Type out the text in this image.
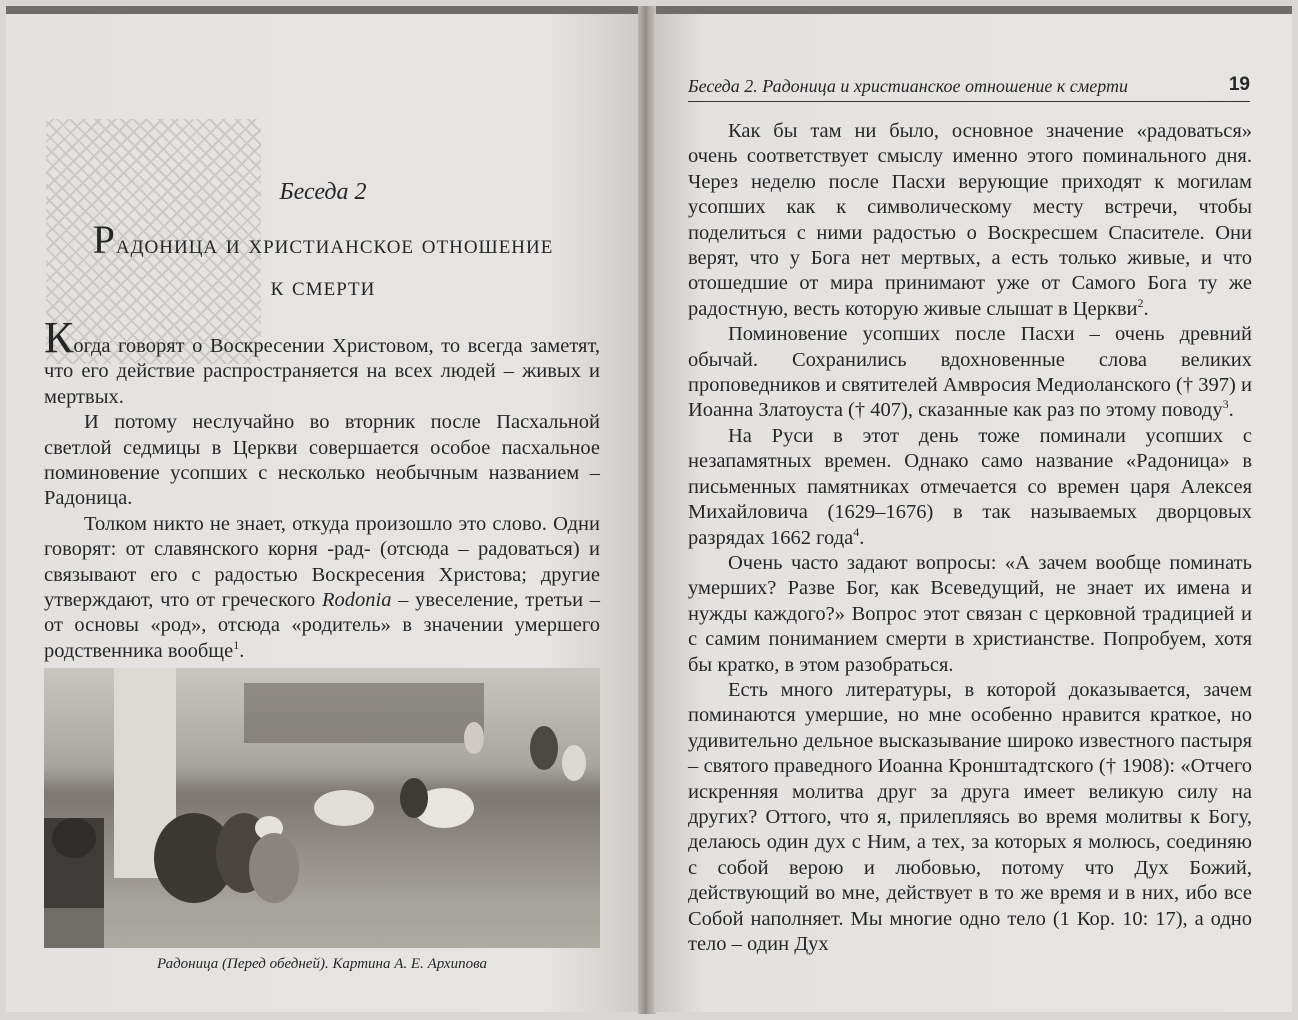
Беседа 2
Радоница и христианское отношение
к смерти

Когда говорят о Воскресении Христовом, то всегда заметят, что его действие распространяется на всех людей – живых и мертвых.

И потому неслучайно во вторник после Пасхальной светлой седмицы в Церкви совершается особое пасхальное поминовение усопших с несколько необычным названием – Радоница.

Толком никто не знает, откуда произошло это слово. Одни говорят: от славянского корня -рад- (отсюда – радоваться) и связывают его с радостью Воскресения Христова; другие утверждают, что от греческого Rodonia – увеселение, третьи – от основы «род», отсюда «родитель» в значении умершего родственника вообще$^1$.

Радоница (Перед обедней). Картина А. Е. Архипова
Беседа 2. Радоница и христианское отношение к смерти	19

Как бы там ни было, основное значение «радоваться» очень соответствует смыслу именно этого поминального дня. Через неделю после Пасхи верующие приходят к могилам усопших как к символическому месту встречи, чтобы поделиться с ними радостью о Воскресшем Спасителе. Они верят, что у Бога нет мертвых, а есть только живые, и что отошедшие от мира принимают уже от Самого Бога ту же радостную, весть которую живые слышат в Церкви$^2$.

Поминовение усопших после Пасхи – очень древний обычай. Сохранились вдохновенные слова великих проповедников и святителей Амвросия Медиоланского († 397) и Иоанна Златоуста († 407), сказанные как раз по этому поводу$^3$.

На Руси в этот день тоже поминали усопших с незапамятных времен. Однако само название «Радоница» в письменных памятниках отмечается со времен царя Алексея Михайловича (1629–1676) в так называемых дворцовых разрядах 1662 года$^4$.

Очень часто задают вопросы: «А зачем вообще поминать умерших? Разве Бог, как Всеведущий, не знает их имена и нужды каждого?» Вопрос этот связан с церковной традицией и с самим пониманием смерти в христианстве. Попробуем, хотя бы кратко, в этом разобраться.

Есть много литературы, в которой доказывается, зачем поминаются умершие, но мне особенно нравится краткое, но удивительно дельное высказывание широко известного пастыря – святого праведного Иоанна Кронштадтского († 1908): «Отчего искренняя молитва друг за друга имеет великую силу на других? Оттого, что я, прилепляясь во время молитвы к Богу, делаюсь один дух с Ним, а тех, за которых я молюсь, соединяю с собой верою и любовью, потому что Дух Божий, действующий во мне, действует в то же время и в них, ибо все Собой наполняет. Мы многие одно тело (1 Кор. 10: 17), а одно тело – один Дух
